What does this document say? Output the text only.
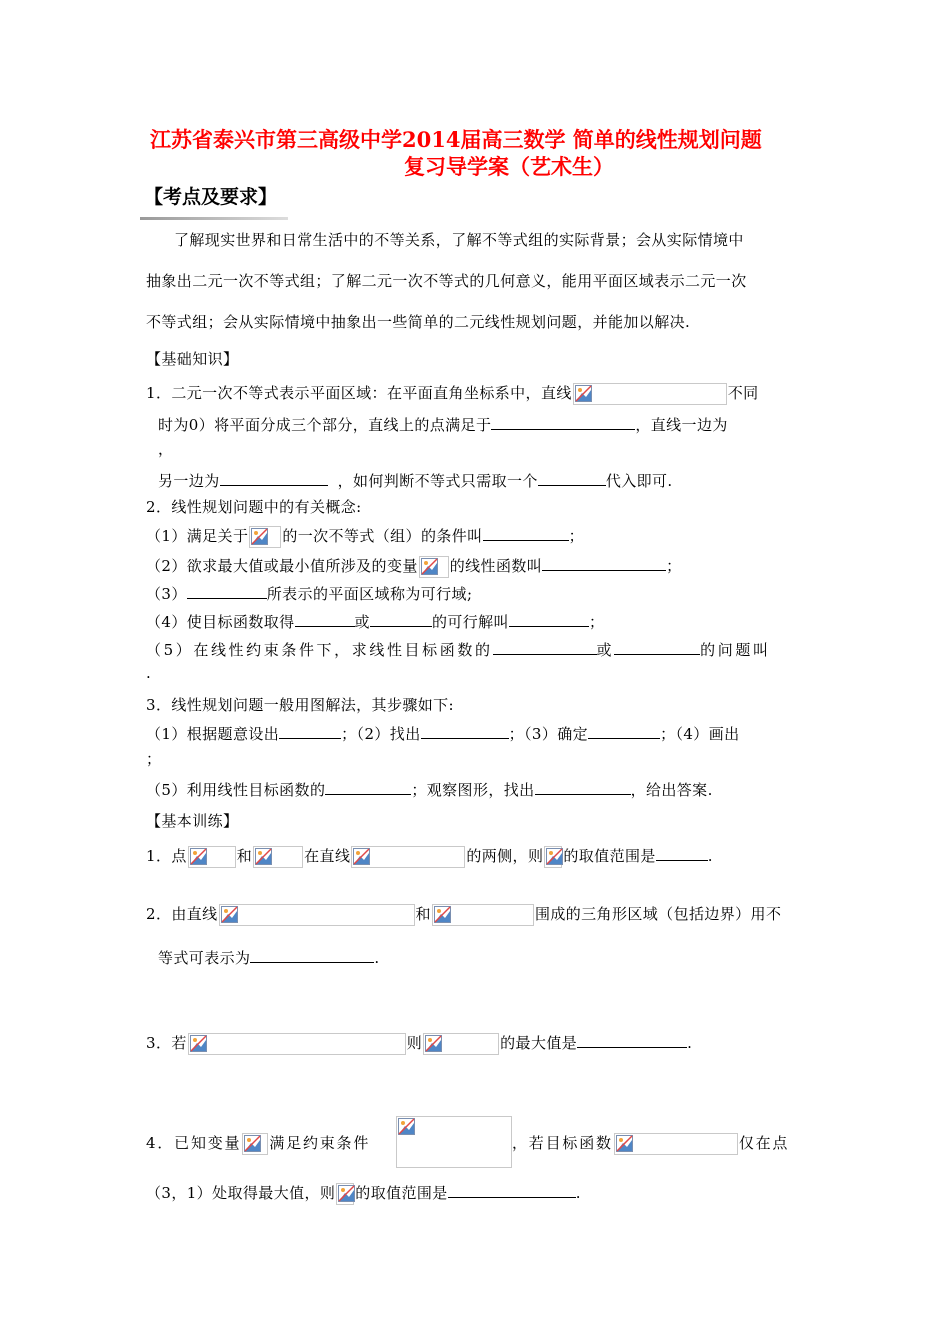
江苏省泰兴市第三高级中学2014届高三数学 简单的线性规划问题
复习导学案（艺术生）
【考点及要求】
了解现实世界和日常生活中的不等关系，了解不等式组的实际背景；会从实际情境中
抽象出二元一次不等式组；了解二元一次不等式的几何意义，能用平面区域表示二元一次
不等式组；会从实际情境中抽象出一些简单的二元线性规划问题，并能加以解决.
【基础知识】
1．二元一次不等式表示平面区域：在平面直角坐标系中，直线	不同
时为0）将平面分成三个部分，直线上的点满足于	，直线一边为
，
另一边为	，如何判断不等式只需取一个	代入即可.
2．线性规划问题中的有关概念:
（1）满足关于 的一次不等式（组）的条件叫	；
（2）欲求最大值或最小值所涉及的变量 的线性函数叫	；
（3）	所表示的平面区域称为可行域;
（4）使目标函数取得	或	的可行解叫	；
（5）在线性约束条件下，求线性目标函数的	或	的问题叫
.
3．线性规划问题一般用图解法，其步骤如下:
（1）根据题意设出	；（2）找出	；（3）确定	；（4）画出
；
（5）利用线性目标函数的	；观察图形，找出	，给出答案.
【基本训练】
1．点	和	在直线	的两侧，则 的取值范围是	.
2．由直线	和	围成的三角形区域（包括边界）用不
等式可表示为	.
3．若	则	的最大值是	.
4．已知变量 满足约束条件	，若目标函数	仅在点
（3，1）处取得最大值，则 的取值范围是	.
